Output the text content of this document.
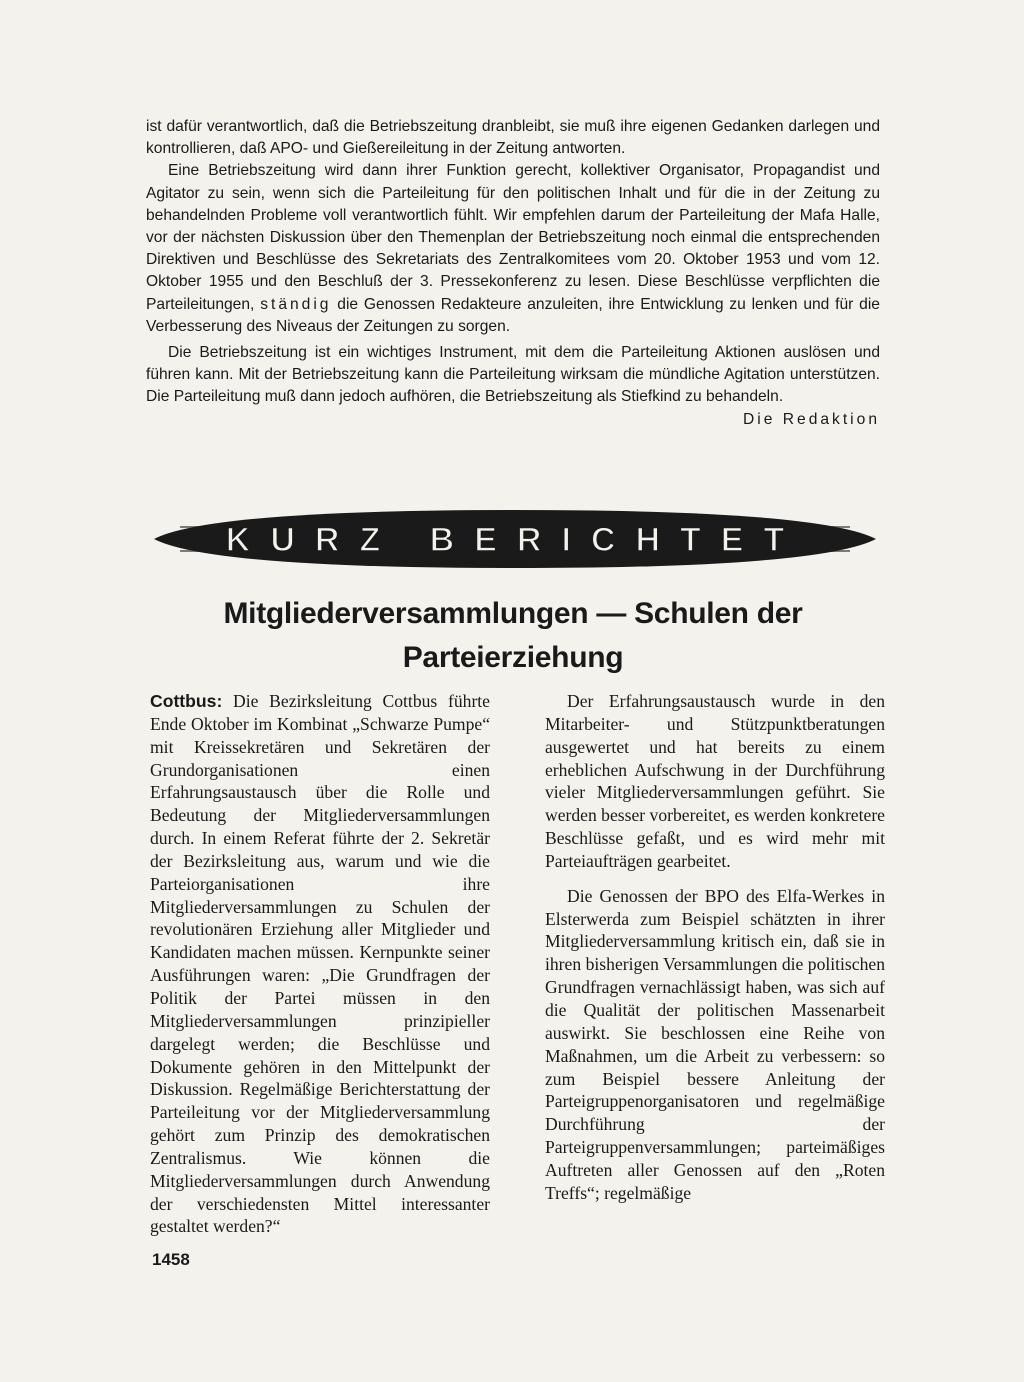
ist dafür verantwortlich, daß die Betriebszeitung dranbleibt, sie muß ihre eigenen Gedanken darlegen und kontrollieren, daß APO- und Gießereileitung in der Zeitung antworten.

Eine Betriebszeitung wird dann ihrer Funktion gerecht, kollektiver Organisator, Propagandist und Agitator zu sein, wenn sich die Parteileitung für den politischen Inhalt und für die in der Zeitung zu behandelnden Probleme voll verantwortlich fühlt. Wir empfehlen darum der Parteileitung der Mafa Halle, vor der nächsten Diskussion über den Themenplan der Betriebszeitung noch einmal die entsprechenden Direktiven und Beschlüsse des Sekretariats des Zentralkomitees vom 20. Oktober 1953 und vom 12. Oktober 1955 und den Beschluß der 3. Pressekonferenz zu lesen. Diese Beschlüsse verpflichten die Parteileitungen, ständig die Genossen Redakteure anzuleiten, ihre Entwicklung zu lenken und für die Verbesserung des Niveaus der Zeitungen zu sorgen.

Die Betriebszeitung ist ein wichtiges Instrument, mit dem die Parteileitung Aktionen auslösen und führen kann. Mit der Betriebszeitung kann die Parteileitung wirksam die mündliche Agitation unterstützen. Die Parteileitung muß dann jedoch aufhören, die Betriebszeitung als Stiefkind zu behandeln.
Die Redaktion

KURZ BERICHTET
Mitgliederversammlungen — Schulen der
Parteierziehung

Cottbus: Die Bezirksleitung Cottbus führte Ende Oktober im Kombinat „Schwarze Pumpe“ mit Kreissekretären und Sekretären der Grundorganisationen einen Erfahrungsaustausch über die Rolle und Bedeutung der Mitgliederversammlungen durch. In einem Referat führte der 2. Sekretär der Bezirksleitung aus, warum und wie die Parteiorganisationen ihre Mitgliederversammlungen zu Schulen der revolutionären Erziehung aller Mitglieder und Kandidaten machen müssen. Kernpunkte seiner Ausführungen waren: „Die Grundfragen der Politik der Partei müssen in den Mitgliederversammlungen prinzipieller dargelegt werden; die Beschlüsse und Dokumente gehören in den Mittelpunkt der Diskussion. Regelmäßige Berichterstattung der Parteileitung vor der Mitgliederversammlung gehört zum Prinzip des demokratischen Zentralismus. Wie können die Mitgliederversammlungen durch Anwendung der verschiedensten Mittel interessanter gestaltet werden?“

Der Erfahrungsaustausch wurde in den Mitarbeiter- und Stützpunktberatungen ausgewertet und hat bereits zu einem erheblichen Aufschwung in der Durchführung vieler Mitgliederversammlungen geführt. Sie werden besser vorbereitet, es werden konkretere Beschlüsse gefaßt, und es wird mehr mit Parteiaufträgen gearbeitet.

Die Genossen der BPO des Elfa-Werkes in Elsterwerda zum Beispiel schätzten in ihrer Mitgliederversammlung kritisch ein, daß sie in ihren bisherigen Versammlungen die politischen Grundfragen vernachlässigt haben, was sich auf die Qualität der politischen Massenarbeit auswirkt. Sie beschlossen eine Reihe von Maßnahmen, um die Arbeit zu verbessern: so zum Beispiel bessere Anleitung der Parteigruppenorganisatoren und regelmäßige Durchführung der Parteigruppenversammlungen; parteimäßiges Auftreten aller Genossen auf den „Roten Treffs“; regelmäßige

1458
